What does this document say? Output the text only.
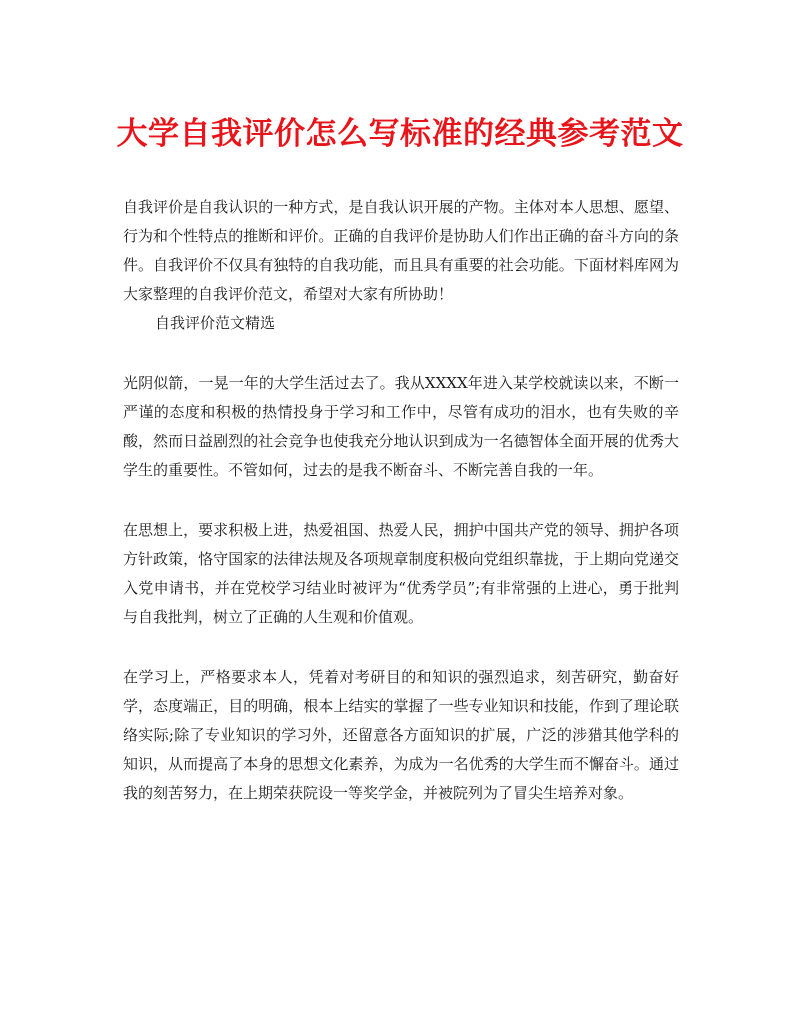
大学自我评价怎么写标准的经典参考范文

自我评价是自我认识的一种方式，是自我认识开展的产物。主体对本人思想、愿望、行为和个性特点的推断和评价。正确的自我评价是协助人们作出正确的奋斗方向的条件。自我评价不仅具有独特的自我功能，而且具有重要的社会功能。下面材料库网为大家整理的自我评价范文，希望对大家有所协助！

自我评价范文精选

光阴似箭，一晃一年的大学生活过去了。我从XXXX年进入某学校就读以来，不断一严谨的态度和积极的热情投身于学习和工作中，尽管有成功的泪水，也有失败的辛酸，然而日益剧烈的社会竞争也使我充分地认识到成为一名德智体全面开展的优秀大学生的重要性。不管如何，过去的是我不断奋斗、不断完善自我的一年。

在思想上，要求积极上进，热爱祖国、热爱人民，拥护中国共产党的领导、拥护各项方针政策，恪守国家的法律法规及各项规章制度积极向党组织靠拢，于上期向党递交入党申请书，并在党校学习结业时被评为“优秀学员”;有非常强的上进心，勇于批判与自我批判，树立了正确的人生观和价值观。

在学习上，严格要求本人，凭着对考研目的和知识的强烈追求，刻苦研究，勤奋好学，态度端正，目的明确，根本上结实的掌握了一些专业知识和技能，作到了理论联络实际;除了专业知识的学习外，还留意各方面知识的扩展，广泛的涉猎其他学科的知识，从而提高了本身的思想文化素养，为成为一名优秀的大学生而不懈奋斗。通过我的刻苦努力，在上期荣获院设一等奖学金，并被院列为了冒尖生培养对象。
